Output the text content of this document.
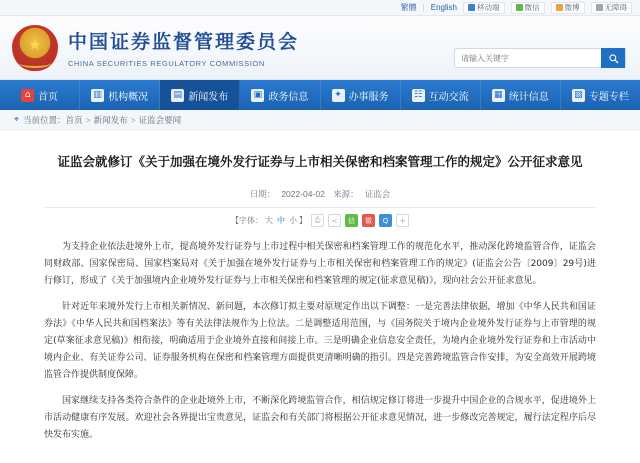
繁體 | English	移动端	微信	微博	无障碍
★ 中国证券监督管理委员会
CHINA SECURITIES REGULATORY COMMISSION
请输入关键字
⌂ 首页	▥ 机构概况	▤ 新闻发布	▣ 政务信息	✦ 办事服务	☷ 互动交流	▦ 统计信息	▧ 专题专栏
⌖ 当前位置： 首页 > 新闻发布 > 证监会要闻
证监会就修订《关于加强在境外发行证券与上市相关保密和档案管理工作的规定》公开征求意见
日期： 2022-04-02 来源： 证监会
【字体： 大 中 小 】	⎙	≺	信	微	Q	+

为支持企业依法赴境外上市，提高境外发行证券与上市过程中相关保密和档案管理工作的规范化水平，推动深化跨境监管合作，证监会同财政部、国家保密局、国家档案局对《关于加强在境外发行证券与上市相关保密和档案管理工作的规定》(证监会公告〔2009〕29号)进行修订，形成了《关于加强境内企业境外发行证券与上市相关保密和档案管理的规定(征求意见稿)》，现向社会公开征求意见。

针对近年来境外发行上市相关新情况、新问题，本次修订拟主要对原规定作出以下调整：一是完善法律依据，增加《中华人民共和国证券法》《中华人民共和国档案法》等有关法律法规作为上位法。二是调整适用范围，与《国务院关于境内企业境外发行证券与上市管理的规定(草案征求意见稿)》相衔接，明确适用于企业境外直接和间接上市。三是明确企业信息安全责任，为境内企业境外发行证券和上市活动中境内企业、有关证券公司、证券服务机构在保密和档案管理方面提供更清晰明确的指引。四是完善跨境监管合作安排，为安全高效开展跨境监管合作提供制度保障。

国家继续支持各类符合条件的企业赴境外上市，不断深化跨境监管合作，相信规定修订将进一步提升中国企业的合规水平，促进境外上市活动健康有序发展。欢迎社会各界提出宝贵意见，证监会和有关部门将根据公开征求意见情况，进一步修改完善规定，履行法定程序后尽快发布实施。
